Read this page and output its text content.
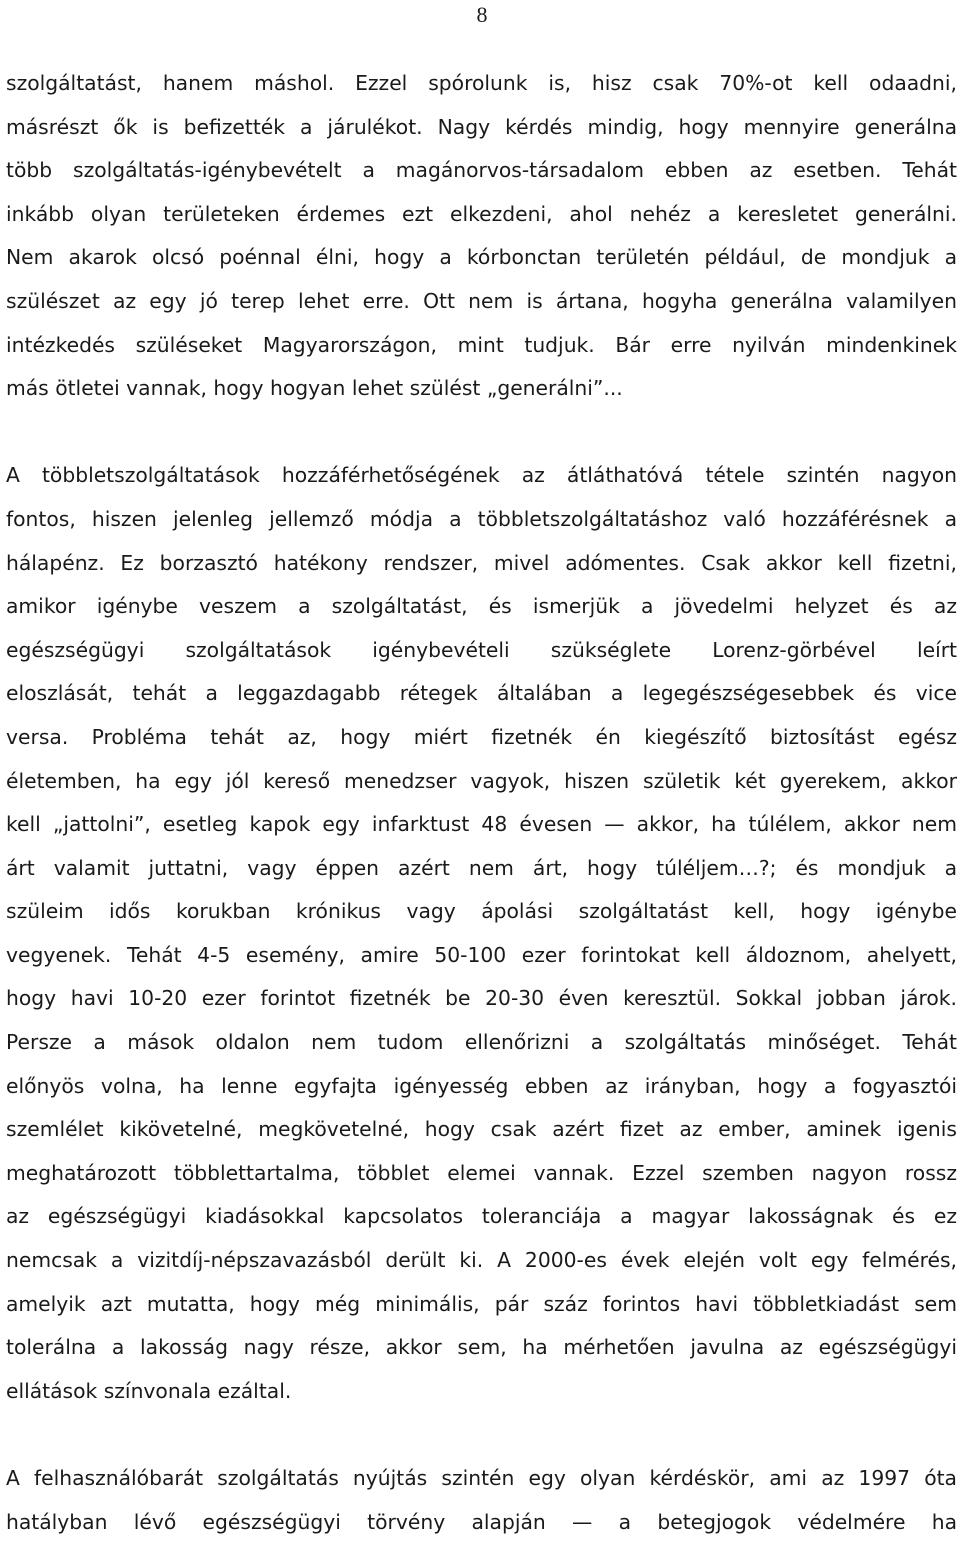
8
szolgáltatást, hanem máshol. Ezzel spórolunk is, hisz csak 70%-ot kell odaadni,
másrészt ők is befizették a járulékot. Nagy kérdés mindig, hogy mennyire generálna
több szolgáltatás-igénybevételt a magánorvos-társadalom ebben az esetben. Tehát
inkább olyan területeken érdemes ezt elkezdeni, ahol nehéz a keresletet generálni.
Nem akarok olcsó poénnal élni, hogy a kórbonctan területén például, de mondjuk a
szülészet az egy jó terep lehet erre. Ott nem is ártana, hogyha generálna valamilyen
intézkedés szüléseket Magyarországon, mint tudjuk. Bár erre nyilván mindenkinek
más ötletei vannak, hogy hogyan lehet szülést „generálni”...
A többletszolgáltatások hozzáférhetőségének az átláthatóvá tétele szintén nagyon
fontos, hiszen jelenleg jellemző módja a többletszolgáltatáshoz való hozzáférésnek a
hálapénz. Ez borzasztó hatékony rendszer, mivel adómentes. Csak akkor kell fizetni,
amikor igénybe veszem a szolgáltatást, és ismerjük a jövedelmi helyzet és az
egészségügyi szolgáltatások igénybevételi szükséglete Lorenz-görbével leírt
eloszlását, tehát a leggazdagabb rétegek általában a legegészségesebbek és vice
versa. Probléma tehát az, hogy miért fizetnék én kiegészítő biztosítást egész
életemben, ha egy jól kereső menedzser vagyok, hiszen születik két gyerekem, akkor
kell „jattolni”, esetleg kapok egy infarktust 48 évesen — akkor, ha túlélem, akkor nem
árt valamit juttatni, vagy éppen azért nem árt, hogy túléljem…?; és mondjuk a
szüleim idős korukban krónikus vagy ápolási szolgáltatást kell, hogy igénybe
vegyenek. Tehát 4-5 esemény, amire 50-100 ezer forintokat kell áldoznom, ahelyett,
hogy havi 10-20 ezer forintot fizetnék be 20-30 éven keresztül. Sokkal jobban járok.
Persze a mások oldalon nem tudom ellenőrizni a szolgáltatás minőséget. Tehát
előnyös volna, ha lenne egyfajta igényesség ebben az irányban, hogy a fogyasztói
szemlélet kikövetelné, megkövetelné, hogy csak azért fizet az ember, aminek igenis
meghatározott többlettartalma, többlet elemei vannak. Ezzel szemben nagyon rossz
az egészségügyi kiadásokkal kapcsolatos toleranciája a magyar lakosságnak és ez
nemcsak a vizitdíj-népszavazásból derült ki. A 2000-es évek elején volt egy felmérés,
amelyik azt mutatta, hogy még minimális, pár száz forintos havi többletkiadást sem
tolerálna a lakosság nagy része, akkor sem, ha mérhetően javulna az egészségügyi
ellátások színvonala ezáltal.
A felhasználóbarát szolgáltatás nyújtás szintén egy olyan kérdéskör, ami az 1997 óta
hatályban lévő egészségügyi törvény alapján — a betegjogok védelmére ha
